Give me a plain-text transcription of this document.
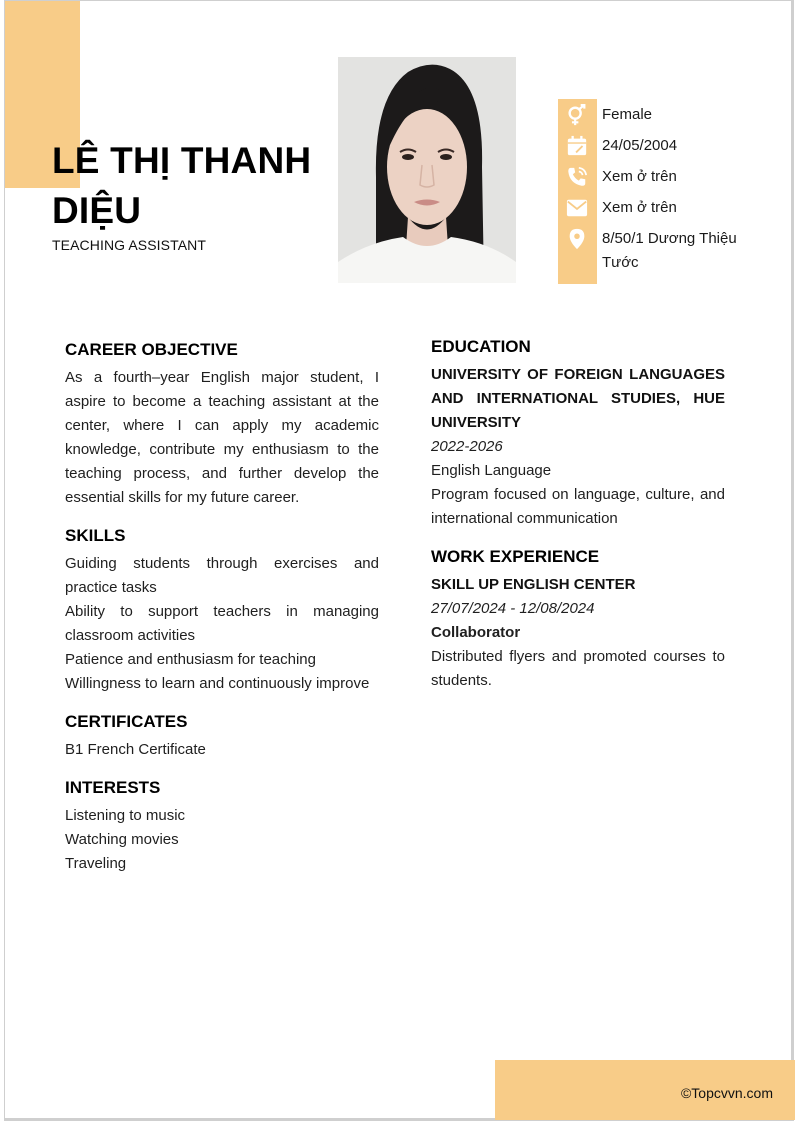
LÊ THỊ THANH DIỆU
TEACHING ASSISTANT
Female
24/05/2004
Xem ở trên
Xem ở trên
8/50/1 Dương Thiệu Tước
CAREER OBJECTIVE

As a fourth–year English major student, I aspire to become a teaching assistant at the center, where I can apply my academic knowledge, contribute my enthusiasm to the teaching process, and further develop the essential skills for my future career.

SKILLS

Guiding students through exercises and practice tasks

Ability to support teachers in managing classroom activities

Patience and enthusiasm for teaching

Willingness to learn and continuously improve

CERTIFICATES

B1 French Certificate

INTERESTS

Listening to music

Watching movies

Traveling

EDUCATION

UNIVERSITY OF FOREIGN LANGUAGES AND INTERNATIONAL STUDIES, HUE UNIVERSITY

2022-2026

English Language

Program focused on language, culture, and international communication

WORK EXPERIENCE

SKILL UP ENGLISH CENTER

27/07/2024 - 12/08/2024

Collaborator

Distributed flyers and promoted courses to students.

©Topcvvn.com
